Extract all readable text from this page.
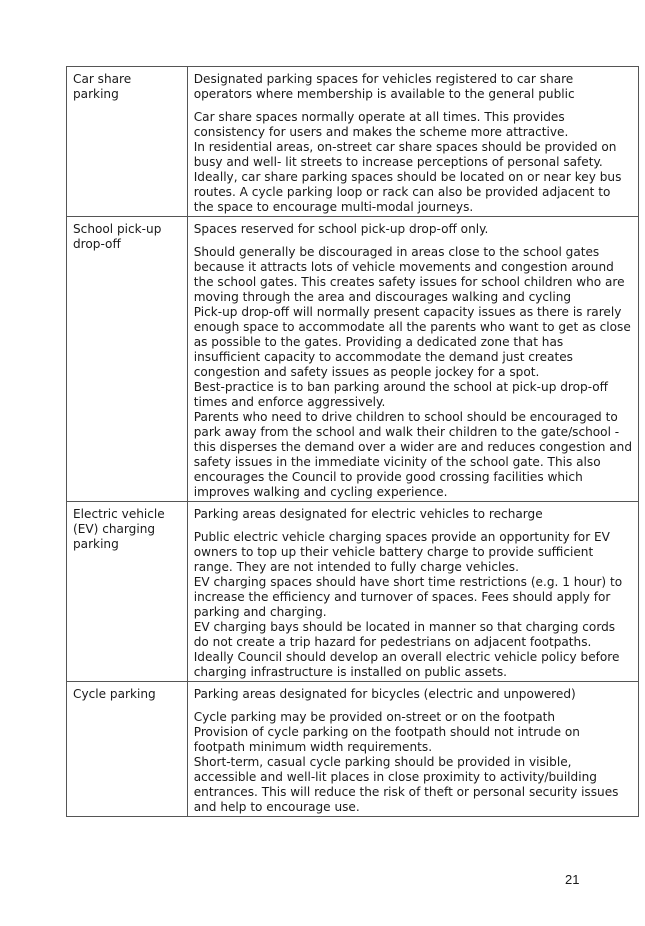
Car share parking	Designated parking spaces for vehicles registered to car share operators where membership is available to the general public

Car share spaces normally operate at all times. This provides consistency for users and makes the scheme more attractive.
In residential areas, on-street car share spaces should be provided on busy and well- lit streets to increase perceptions of personal safety.
Ideally, car share parking spaces should be located on or near key bus routes. A cycle parking loop or rack can also be provided adjacent to the space to encourage multi-modal journeys.

School pick-up drop-off	Spaces reserved for school pick-up drop-off only.

Should generally be discouraged in areas close to the school gates because it attracts lots of vehicle movements and congestion around the school gates. This creates safety issues for school children who are moving through the area and discourages walking and cycling
Pick-up drop-off will normally present capacity issues as there is rarely enough space to accommodate all the parents who want to get as close as possible to the gates. Providing a dedicated zone that has insufficient capacity to accommodate the demand just creates congestion and safety issues as people jockey for a spot.
Best-practice is to ban parking around the school at pick-up drop-off times and enforce aggressively.
Parents who need to drive children to school should be encouraged to park away from the school and walk their children to the gate/school - this disperses the demand over a wider are and reduces congestion and safety issues in the immediate vicinity of the school gate. This also encourages the Council to provide good crossing facilities which improves walking and cycling experience.

Electric vehicle (EV) charging parking	Parking areas designated for electric vehicles to recharge

Public electric vehicle charging spaces provide an opportunity for EV owners to top up their vehicle battery charge to provide sufficient range. They are not intended to fully charge vehicles.
EV charging spaces should have short time restrictions (e.g. 1 hour) to increase the efficiency and turnover of spaces. Fees should apply for parking and charging.
EV charging bays should be located in manner so that charging cords do not create a trip hazard for pedestrians on adjacent footpaths.
Ideally Council should develop an overall electric vehicle policy before charging infrastructure is installed on public assets.

Cycle parking	Parking areas designated for bicycles (electric and unpowered)

Cycle parking may be provided on-street or on the footpath
Provision of cycle parking on the footpath should not intrude on footpath minimum width requirements.
Short-term, casual cycle parking should be provided in visible, accessible and well-lit places in close proximity to activity/building entrances. This will reduce the risk of theft or personal security issues and help to encourage use.
21
